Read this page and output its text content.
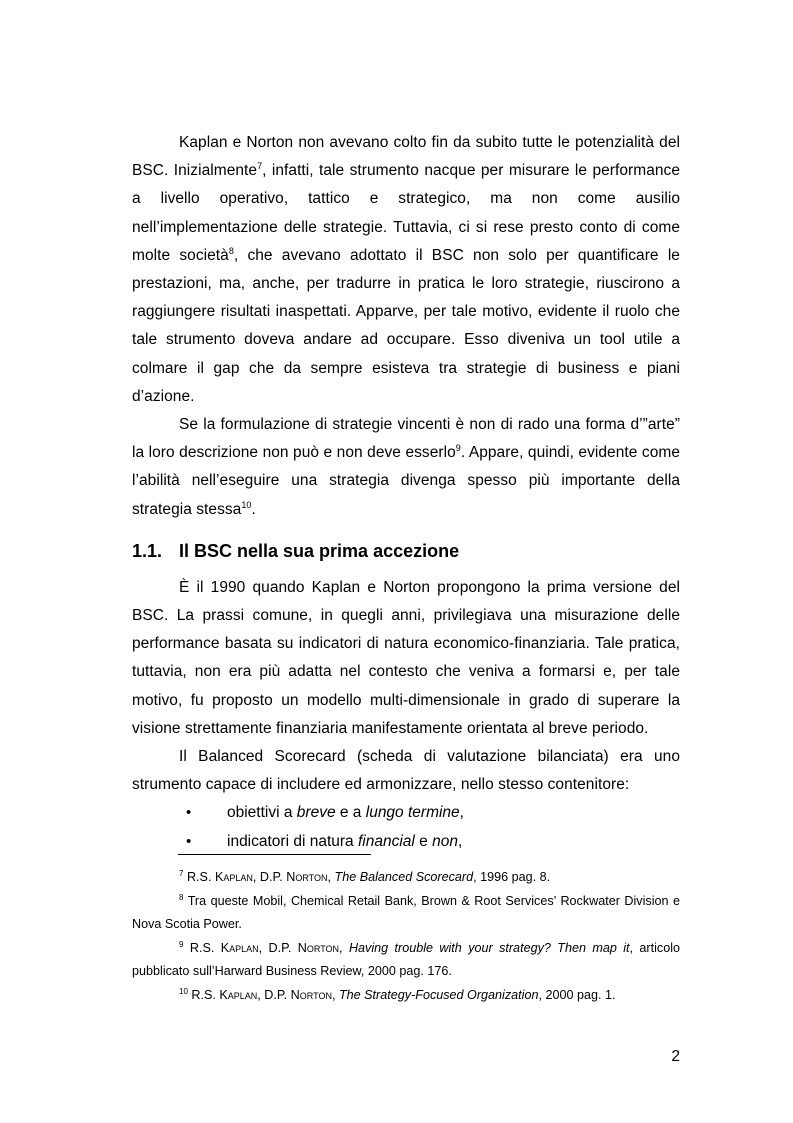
Kaplan e Norton non avevano colto fin da subito tutte le potenzialità del BSC. Inizialmente$^7$, infatti, tale strumento nacque per misurare le performance a livello operativo, tattico e strategico, ma non come ausilio nell’implementazione delle strategie. Tuttavia, ci si rese presto conto di come molte società$^8$, che avevano adottato il BSC non solo per quantificare le prestazioni, ma, anche, per tradurre in pratica le loro strategie, riuscirono a raggiungere risultati inaspettati. Apparve, per tale motivo, evidente il ruolo che tale strumento doveva andare ad occupare. Esso diveniva un tool utile a colmare il gap che da sempre esisteva tra strategie di business e piani d’azione.

Se la formulazione di strategie vincenti è non di rado una forma d’”arte” la loro descrizione non può e non deve esserlo$^9$. Appare, quindi, evidente come l’abilità nell’eseguire una strategia divenga spesso più importante della strategia stessa$^{10}$.

1.1. Il BSC nella sua prima accezione

È il 1990 quando Kaplan e Norton propongono la prima versione del BSC. La prassi comune, in quegli anni, privilegiava una misurazione delle performance basata su indicatori di natura economico-finanziaria. Tale pratica, tuttavia, non era più adatta nel contesto che veniva a formarsi e, per tale motivo, fu proposto un modello multi-dimensionale in grado di superare la visione strettamente finanziaria manifestamente orientata al breve periodo.

Il Balanced Scorecard (scheda di valutazione bilanciata) era uno strumento capace di includere ed armonizzare, nello stesso contenitore:

• obiettivi a breve e a lungo termine,
• indicatori di natura financial e non,

$^7$ R.S. Kaplan, D.P. Norton, The Balanced Scorecard, 1996 pag. 8.

$^8$ Tra queste Mobil, Chemical Retail Bank, Brown & Root Services’ Rockwater Division e Nova Scotia Power.

$^9$ R.S. Kaplan, D.P. Norton, Having trouble with your strategy? Then map it, articolo pubblicato sull’Harward Business Review, 2000 pag. 176.

$^{10}$ R.S. Kaplan, D.P. Norton, The Strategy-Focused Organization, 2000 pag. 1.

2
